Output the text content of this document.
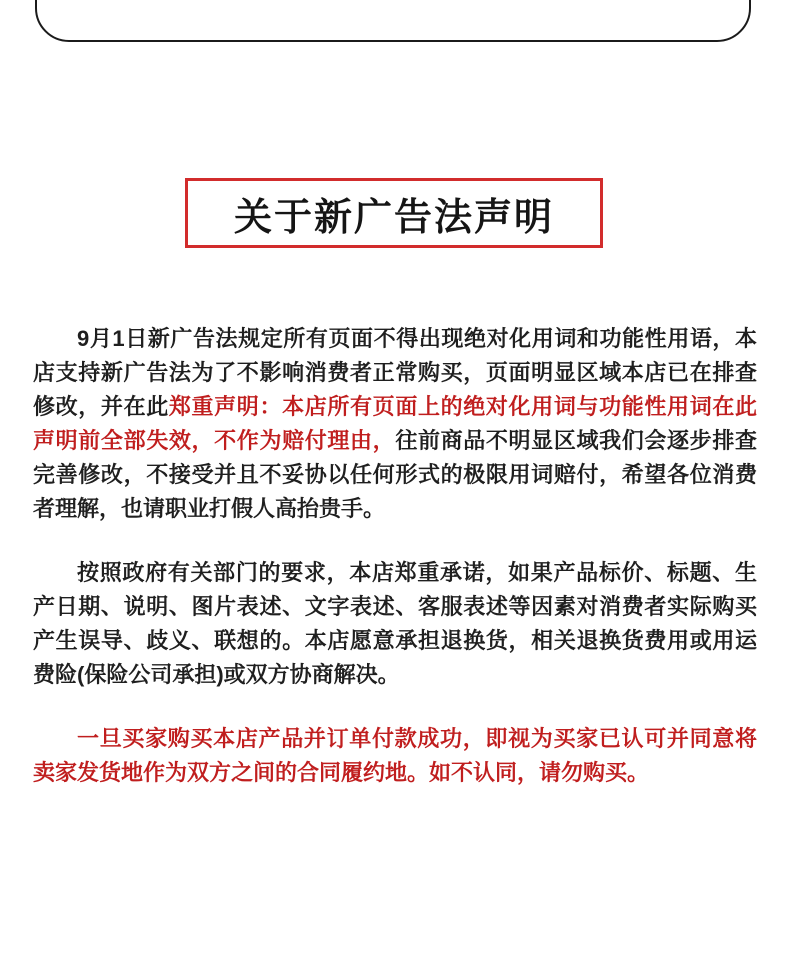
关于新广告法声明

9月1日新广告法规定所有页面不得出现绝对化用词和功能性用语，本店支持新广告法为了不影响消费者正常购买，页面明显区域本店已在排查修改，并在此郑重声明：本店所有页面上的绝对化用词与功能性用词在此声明前全部失效，不作为赔付理由，往前商品不明显区域我们会逐步排查完善修改，不接受并且不妥协以任何形式的极限用词赔付，希望各位消费者理解，也请职业打假人高抬贵手。

按照政府有关部门的要求，本店郑重承诺，如果产品标价、标题、生产日期、说明、图片表述、文字表述、客服表述等因素对消费者实际购买产生误导、歧义、联想的。本店愿意承担退换货，相关退换货费用或用运费险(保险公司承担)或双方协商解决。

一旦买家购买本店产品并订单付款成功，即视为买家已认可并同意将卖家发货地作为双方之间的合同履约地。如不认同，请勿购买。
